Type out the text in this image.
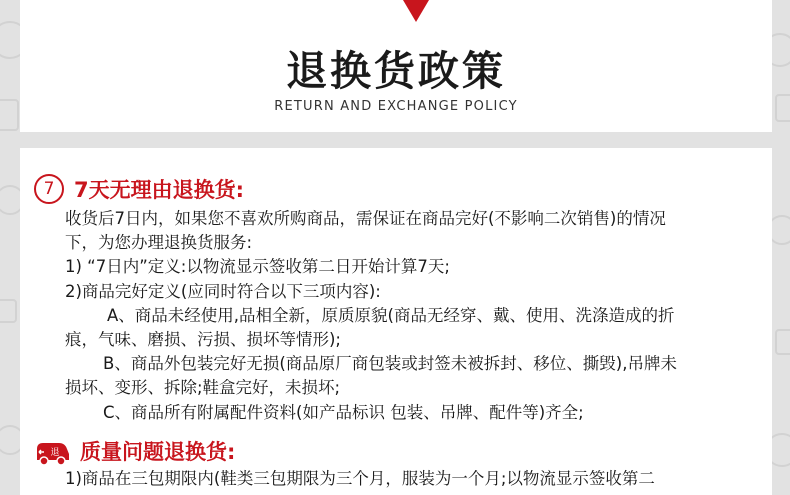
退换货政策
RETURN AND EXCHANGE POLICY
7 7天无理由退换货:
收货后7日内，如果您不喜欢所购商品，需保证在商品完好(不影响二次销售)的情况
下，为您办理退换货服务:
1) “7日内”定义:以物流显示签收第二日开始计算7天;
2)商品完好定义(应同时符合以下三项内容):
A、商品未经使用,品相全新，原质原貌(商品无经穿、戴、使用、洗涤造成的折
痕，气味、磨损、污损、损坏等情形);
B、商品外包装完好无损(商品原厂商包装或封签未被拆封、移位、撕毁),吊牌未
损坏、变形、拆除;鞋盒完好，未损坏;
C、商品所有附属配件资料(如产品标识 包装、吊牌、配件等)齐全;
退 质量问题退换货:
1)商品在三包期限内(鞋类三包期限为三个月，服装为一个月;以物流显示签收第二
